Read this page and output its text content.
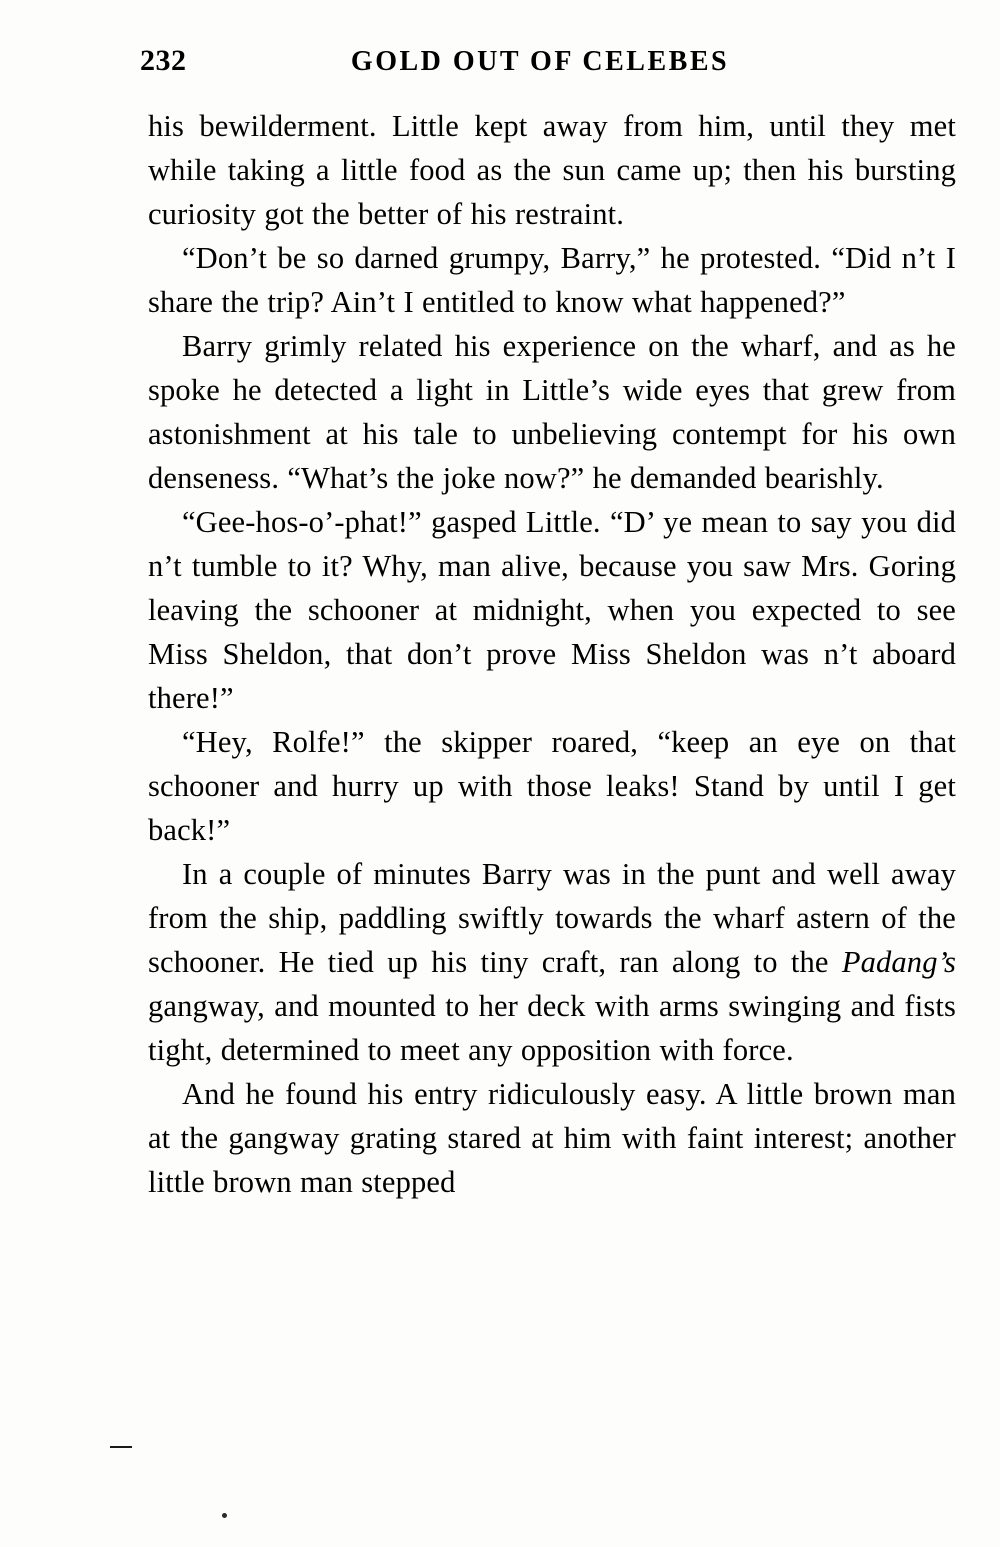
232	GOLD OUT OF CELEBES

his bewilderment. Little kept away from him, until they met while taking a little food as the sun came up; then his bursting curiosity got the better of his restraint.

“Don’t be so darned grumpy, Barry,” he protested. “Did n’t I share the trip? Ain’t I entitled to know what happened?”

Barry grimly related his experience on the wharf, and as he spoke he detected a light in Little’s wide eyes that grew from astonishment at his tale to unbelieving contempt for his own denseness. “What’s the joke now?” he demanded bearishly.

“Gee-hos-o’-phat!” gasped Little. “D’ ye mean to say you did n’t tumble to it? Why, man alive, because you saw Mrs. Goring leaving the schooner at midnight, when you expected to see Miss Sheldon, that don’t prove Miss Sheldon was n’t aboard there!”

“Hey, Rolfe!” the skipper roared, “keep an eye on that schooner and hurry up with those leaks! Stand by until I get back!”

In a couple of minutes Barry was in the punt and well away from the ship, paddling swiftly towards the wharf astern of the schooner. He tied up his tiny craft, ran along to the Padang’s gangway, and mounted to her deck with arms swinging and fists tight, determined to meet any opposition with force.

And he found his entry ridiculously easy. A little brown man at the gangway grating stared at him with faint interest; another little brown man stepped
